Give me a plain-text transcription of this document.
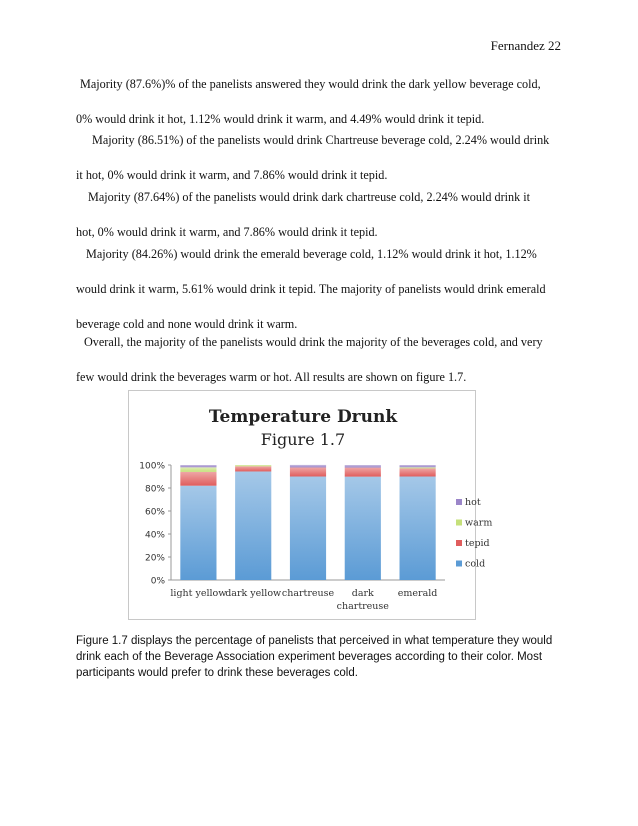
Fernandez 22

Majority (87.6%)% of the panelists answered they would drink the dark yellow beverage cold,
0% would drink it hot, 1.12% would drink it warm, and 4.49% would drink it tepid.

Majority (86.51%) of the panelists would drink Chartreuse beverage cold, 2.24% would drink
it hot, 0% would drink it warm, and 7.86% would drink it tepid.

Majority (87.64%) of the panelists would drink dark chartreuse cold, 2.24% would drink it
hot, 0% would drink it warm, and 7.86% would drink it tepid.

Majority (84.26%) would drink the emerald beverage cold, 1.12% would drink it hot, 1.12%
would drink it warm, 5.61% would drink it tepid. The majority of panelists would drink emerald
beverage cold and none would drink it warm.

Overall, the majority of the panelists would drink the majority of the beverages cold, and very
few would drink the beverages warm or hot. All results are shown on figure 1.7.

Temperature Drunk
Figure 1.7
0%
20%
40%
60%
80%
100%
light yellow
dark yellow chartreuse dark
chartreuse
emerald
hot
warm
tepid
cold

Figure 1.7 displays the percentage of panelists that perceived in what temperature they would drink each of the Beverage Association experiment beverages according to their color. Most participants would prefer to drink these beverages cold.
